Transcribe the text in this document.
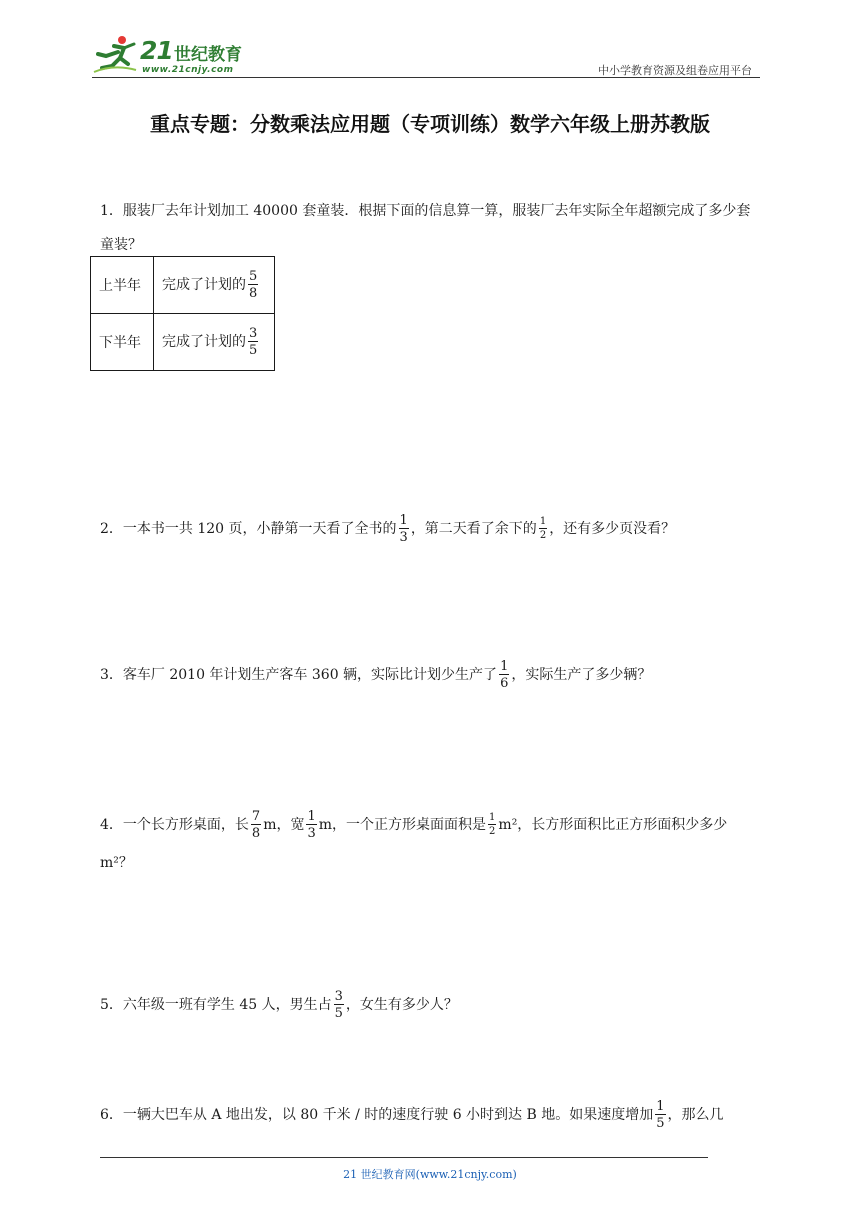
21 世纪教育
www.21cnjy.com	中小学教育资源及组卷应用平台
重点专题：分数乘法应用题（专项训练）数学六年级上册苏教版
1．服装厂去年计划加工 40000 套童装．根据下面的信息算一算，服装厂去年实际全年超额完成了多少套童装？
上半年	完成了计划的 $\frac{5}{8}$

下半年	完成了计划的 $\frac{3}{5}$
2．一本书一共 120 页，小静第一天看了全书的 $\frac{1}{3}$ ，第二天看了余下的 $\frac{1}{2}$ ，还有多少页没看？
3．客车厂 2010 年计划生产客车 360 辆，实际比计划少生产了 $\frac{1}{6}$ ，实际生产了多少辆？
4．一个长方形桌面，长 $\frac{7}{8}$ m，宽 $\frac{1}{3}$ m，一个正方形桌面面积是 $\frac{1}{2} m^2$，长方形面积比正方形面积少多少 m²？
5．六年级一班有学生 45 人，男生占 $\frac{3}{5}$ ，女生有多少人？
6．一辆大巴车从 A 地出发，以 80 千米 / 时的速度行驶 6 小时到达 B 地。如果速度增加 $\frac{1}{5}$ ，那么几
21 世纪教育网(www.21cnjy.com)
